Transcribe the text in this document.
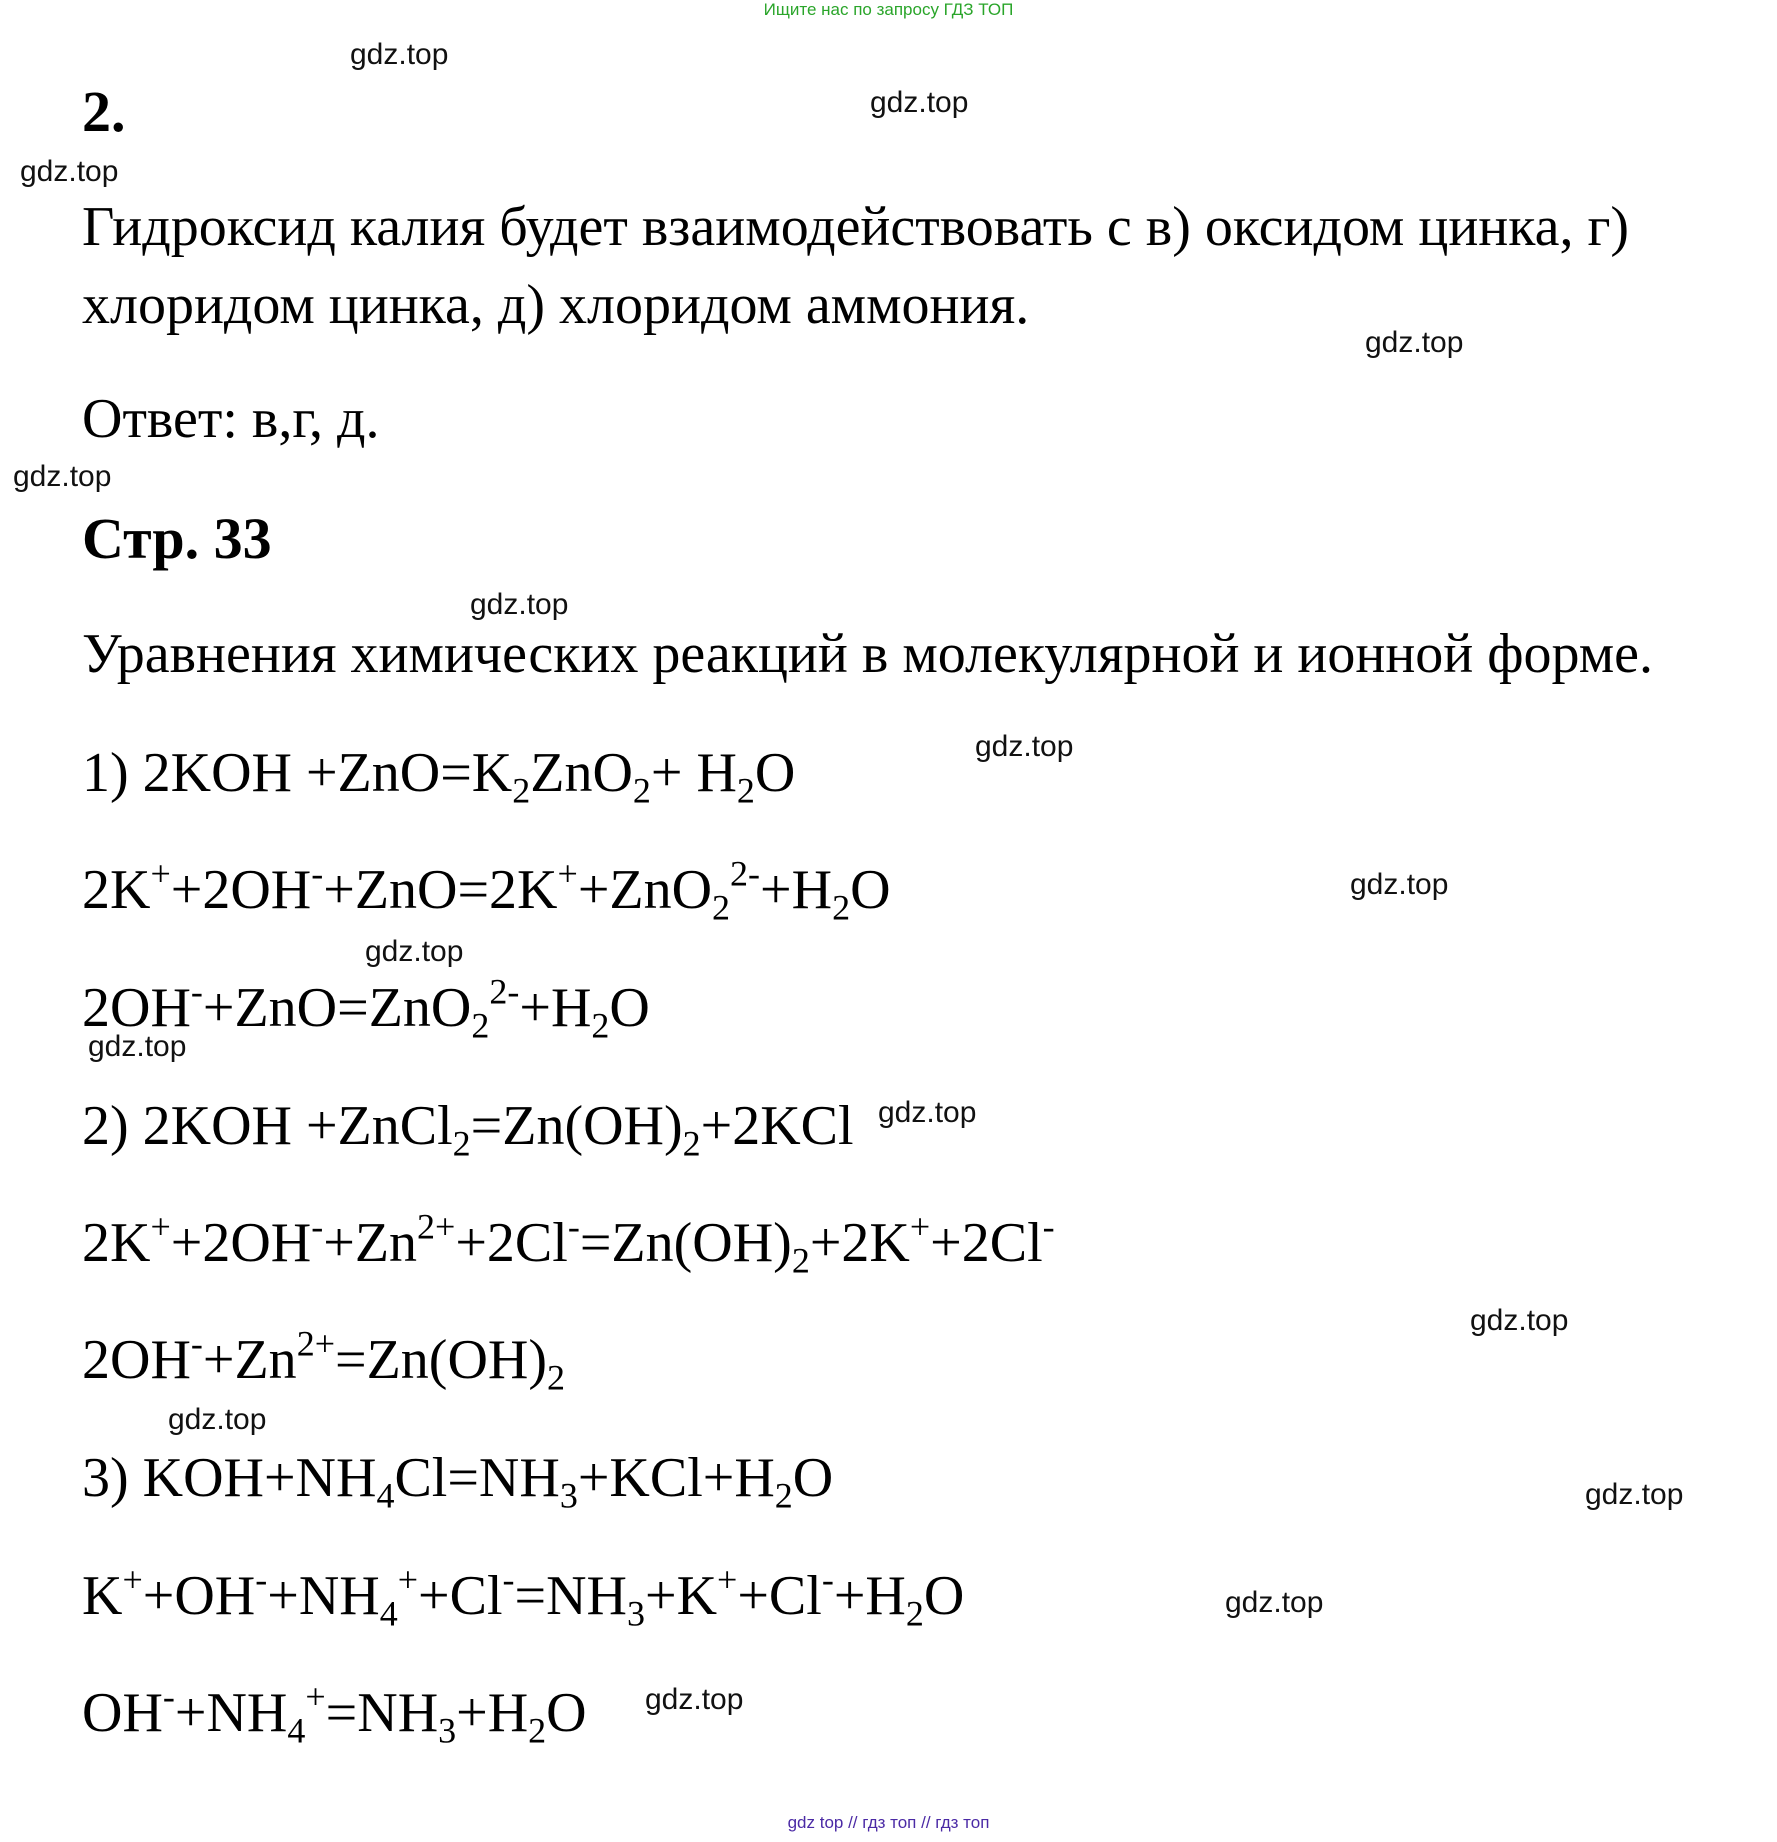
Ищите нас по запросу ГДЗ ТОП
gdz.top
gdz.top
gdz.top
gdz.top
gdz.top
gdz.top
gdz.top
gdz.top
gdz.top
gdz.top
gdz.top
gdz.top
gdz.top
gdz.top
gdz.top
gdz.top
2.
Гидроксид калия будет взаимодействовать с в) оксидом цинка, г)
хлоридом цинка, д) хлоридом аммония.
Ответ: в,г, д.
Стр. 33
Уравнения химических реакций в молекулярной и ионной форме.
1) $2KOH +ZnO=K_2ZnO_2+ H_2O$
$2K^++2OH^-+ZnO=2K^++ZnO_2^{2-}+H_2O$
$2OH^-+ZnO=ZnO_2^{2-}+H_2O$
2) $2KOH +ZnCl_2=Zn(OH)_2+2KCl$
$2K^++2OH^-+Zn^{2+}+2Cl^-=Zn(OH)_2+2K^++2Cl^-$
$2OH^-+Zn^{2+}=Zn(OH)_2$
3) $KOH+NH_4Cl=NH_3+KCl+H_2O$
$K^++OH^-+NH_4^++Cl^-=NH_3+K^++Cl^-+H_2O$
$OH^-+NH_4^+=NH_3+H_2O$
gdz top // гдз топ // гдз топ
